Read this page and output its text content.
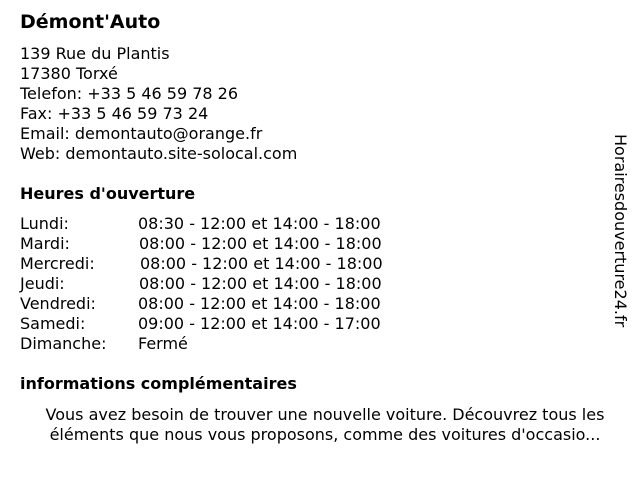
Démont'Auto
139 Rue du Plantis
17380 Torxé
Telefon: +33 5 46 59 78 26
Fax: +33 5 46 59 73 24
Email: demontauto@orange.fr
Web: demontauto.site-solocal.com
Heures d'ouverture
Lundi:	08:30 - 12:00 et 14:00 - 18:00
Mardi:	08:00 - 12:00 et 14:00 - 18:00
Mercredi:	08:00 - 12:00 et 14:00 - 18:00
Jeudi:	08:00 - 12:00 et 14:00 - 18:00
Vendredi:	08:00 - 12:00 et 14:00 - 18:00
Samedi:	09:00 - 12:00 et 14:00 - 17:00
Dimanche: Fermé
informations complémentaires
Vous avez besoin de trouver une nouvelle voiture. Découvrez tous les
éléments que nous vous proposons, comme des voitures d'occasio...
Horairesdouverture24.fr
